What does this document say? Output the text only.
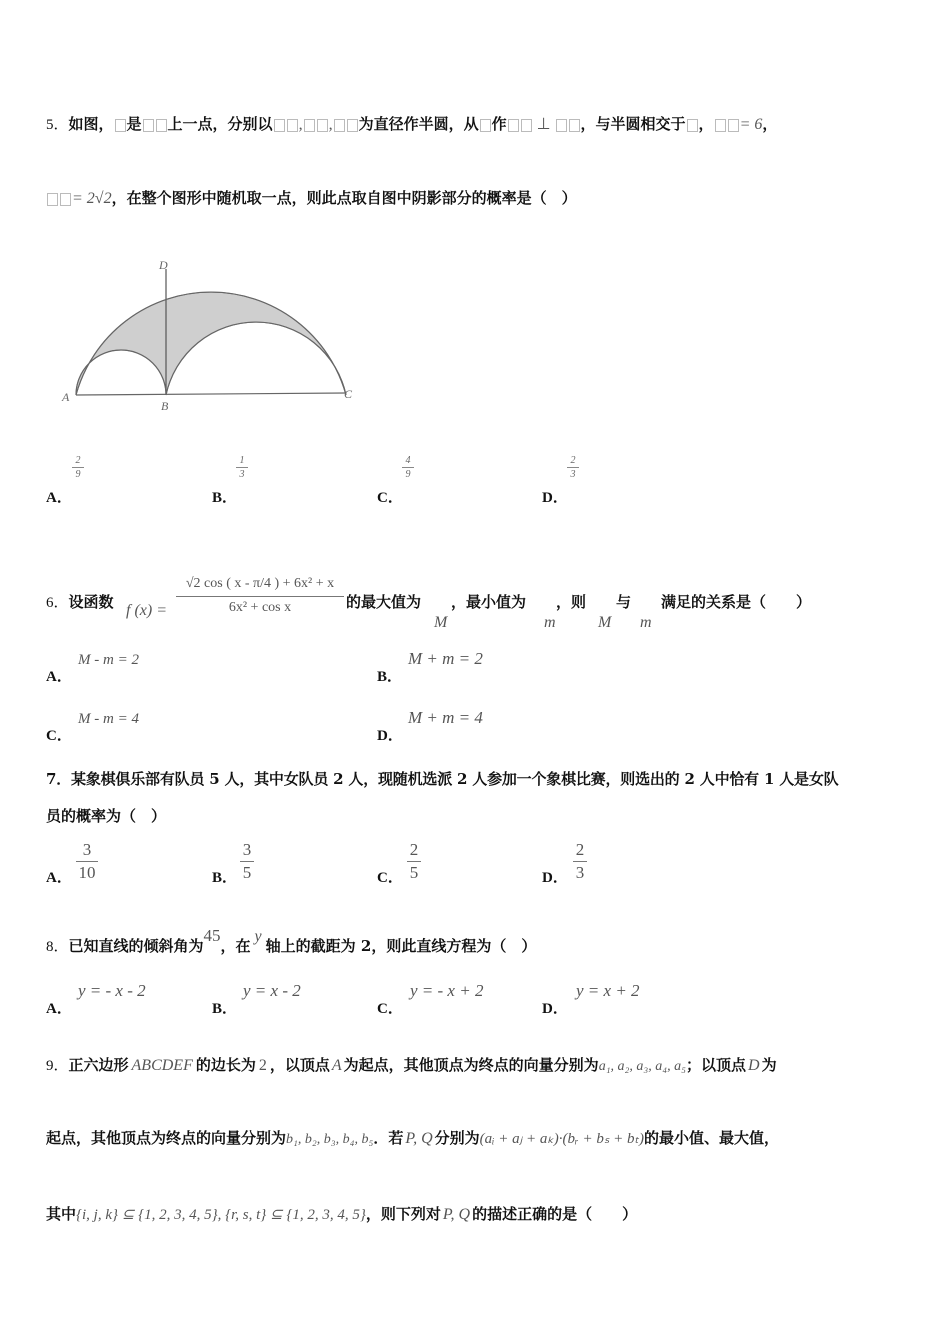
5．如图， 是 上一点，分别以 , , 为直径作半圆，从 作 ⊥ ，与半圆相交于 ， = 6，
= 2√2，在整个图形中随机取一点，则此点取自图中阴影部分的概率是（　）
A
B
C
D
A．
2
9
B．
1
3
C．
4
9
D．
2
3
6．设函数 f (x) =
√2 cos ( x - π/4 ) + 6x² + x
6x² + cos x	的最大值为　　，最小值为　　，则　　与　　满足的关系是（　　）
M	m	M m
A．
M - m = 2
B．
M + m = 2
C．
M - m = 4
D．
M + m = 4
7．某象棋俱乐部有队员 5 人，其中女队员 2 人，现随机选派 2 人参加一个象棋比赛，则选出的 2 人中恰有 1 人是女队
员的概率为（　）
A．
3
10	B．
3
5	C．
2
5	D．
2
3
8．已知直线的倾斜角为45，在y轴上的截距为 2，则此直线方程为（　）
A．
y = - x - 2
B．
y = x - 2
C．
y = - x + 2
D．
y = x + 2
9．正六边形 ABCDEF 的边长为 2 ，以顶点 A 为起点，其他顶点为终点的向量分别为a₁, a₂, a₃, a₄, a₅；以顶点 D 为
起点，其他顶点为终点的向量分别为b₁, b₂, b₃, b₄, b₅．若 P, Q 分别为(aᵢ + aⱼ + aₖ)·(bᵣ + bₛ + bₜ)的最小值、最大值，
其中{i, j, k} ⊆ {1, 2, 3, 4, 5}, {r, s, t} ⊆ {1, 2, 3, 4, 5}，则下列对 P, Q 的描述正确的是（　　）
